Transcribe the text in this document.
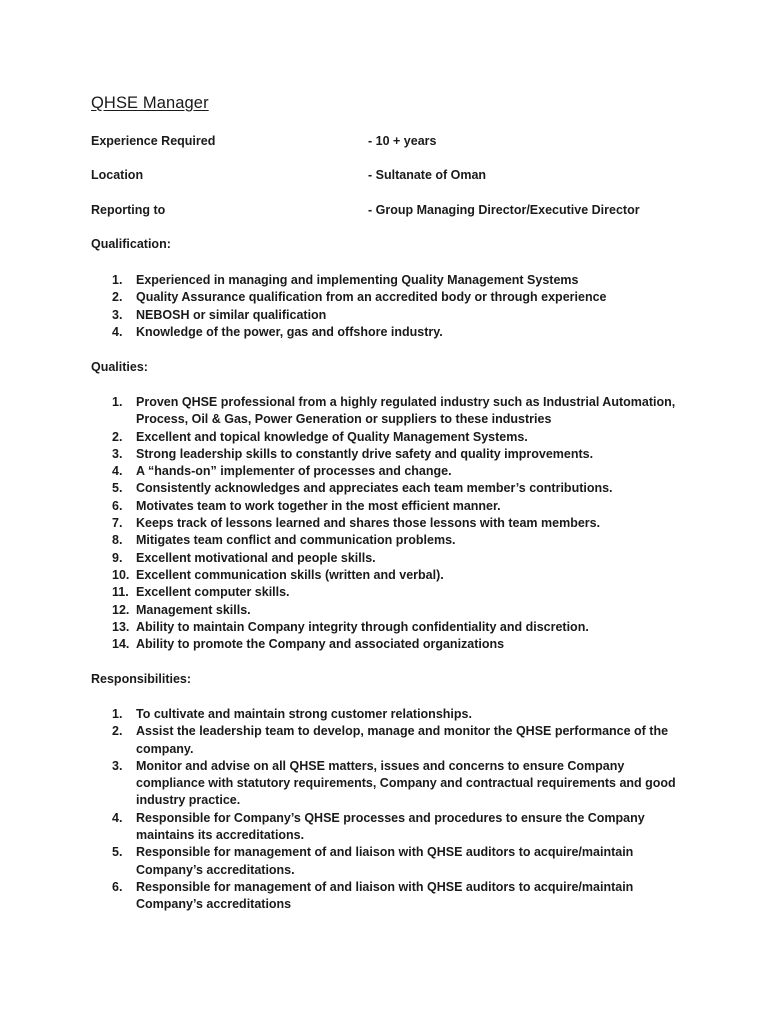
QHSE Manager
Experience Required	- 10 + years
Location	- Sultanate of Oman
Reporting to	- Group Managing Director/Executive Director
Qualification:
1. Experienced in managing and implementing Quality Management Systems
2. Quality Assurance qualification from an accredited body or through experience
3. NEBOSH or similar qualification
4. Knowledge of the power, gas and offshore industry.
Qualities:
1. Proven QHSE professional from a highly regulated industry such as Industrial Automation, Process, Oil & Gas, Power Generation or suppliers to these industries
2. Excellent and topical knowledge of Quality Management Systems.
3. Strong leadership skills to constantly drive safety and quality improvements.
4. A “hands-on” implementer of processes and change.
5. Consistently acknowledges and appreciates each team member’s contributions.
6. Motivates team to work together in the most efficient manner.
7. Keeps track of lessons learned and shares those lessons with team members.
8. Mitigates team conflict and communication problems.
9. Excellent motivational and people skills.
10. Excellent communication skills (written and verbal).
11. Excellent computer skills.
12. Management skills.
13. Ability to maintain Company integrity through confidentiality and discretion.
14. Ability to promote the Company and associated organizations
Responsibilities:
1. To cultivate and maintain strong customer relationships.
2. Assist the leadership team to develop, manage and monitor the QHSE performance of the company.
3. Monitor and advise on all QHSE matters, issues and concerns to ensure Company compliance with statutory requirements, Company and contractual requirements and good industry practice.
4. Responsible for Company’s QHSE processes and procedures to ensure the Company maintains its accreditations.
5. Responsible for management of and liaison with QHSE auditors to acquire/maintain Company’s accreditations.
6. Responsible for management of and liaison with QHSE auditors to acquire/maintain Company’s accreditations
